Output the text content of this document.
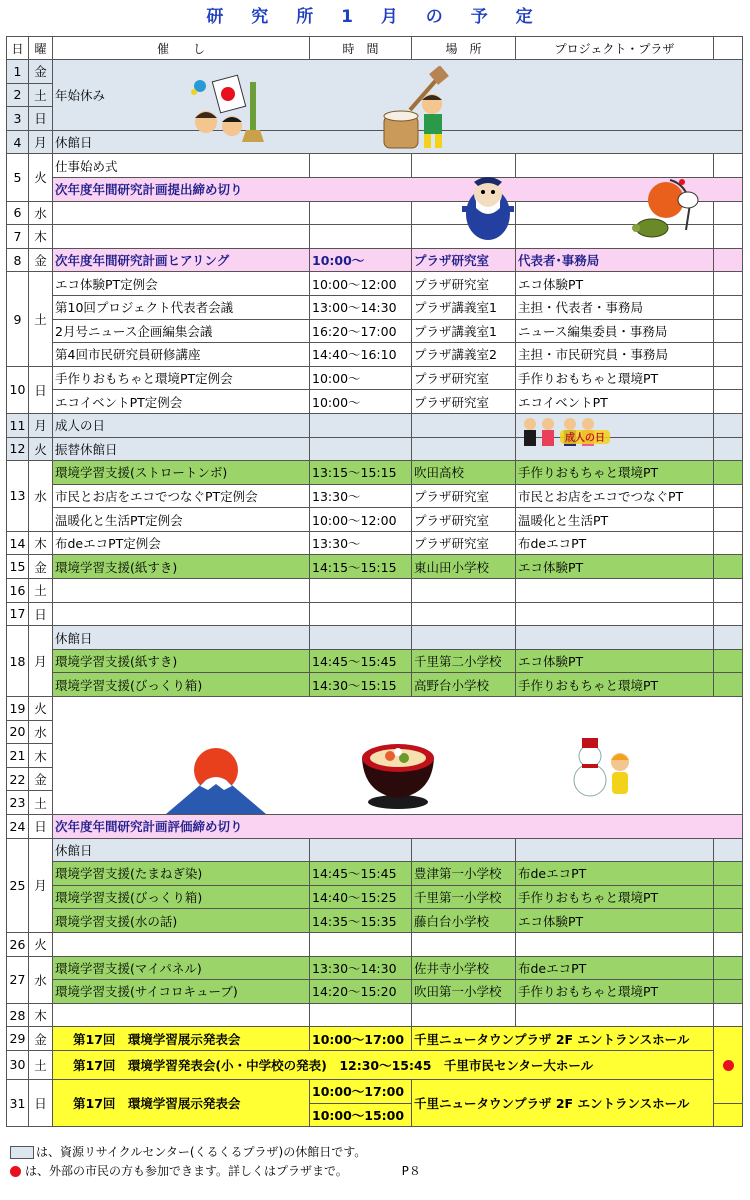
研 究 所 1 月 の 予 定
日	曜	催　　し	時　間	場　所	プロジェクト・プラザ	
1	金	年始休み				
2	土					
3	日					
4	月	休館日				
5	火	仕事始め式				
		次年度年間研究計画提出締め切り				
6	水					
7	木					
8	金	次年度年間研究計画ヒアリング	10:00～	プラザ研究室	代表者･事務局	
9	土	エコ体験PT定例会	10:00～12:00	プラザ研究室	エコ体験PT	
		第10回プロジェクト代表者会議	13:00～14:30	プラザ講義室1	主担・代表者・事務局	
		2月号ニュース企画編集会議	16:20～17:00	プラザ講義室1	ニュース編集委員・事務局	
		第4回市民研究員研修講座	14:40～16:10	プラザ講義室2	主担・市民研究員・事務局	
10	日	手作りおもちゃと環境PT定例会	10:00～	プラザ研究室	手作りおもちゃと環境PT	
		エコイベントPT定例会	10:00～	プラザ研究室	エコイベントPT	
11	月	成人の日				
12	火	振替休館日				
13	水	環境学習支援(ストロートンボ)	13:15～15:15	吹田高校	手作りおもちゃと環境PT	
		市民とお店をエコでつなぐPT定例会	13:30～	プラザ研究室	市民とお店をエコでつなぐPT	
		温暖化と生活PT定例会	10:00～12:00	プラザ研究室	温暖化と生活PT	
14	木	布deエコPT定例会	13:30～	プラザ研究室	布deエコPT	
15	金	環境学習支援(紙すき)	14:15～15:15	東山田小学校	エコ体験PT	
16	土					
17	日					
18	月	休館日				
		環境学習支援(紙すき)	14:45～15:45	千里第二小学校	エコ体験PT	
		環境学習支援(びっくり箱)	14:30～15:15	高野台小学校	手作りおもちゃと環境PT	
19	火					
20	水					
21	木					
22	金					
23	土					
24	日	次年度年間研究計画評価締め切り				
25	月	休館日				
		環境学習支援(たまねぎ染)	14:45～15:45	豊津第一小学校	布deエコPT	
		環境学習支援(びっくり箱)	14:40～15:25	千里第一小学校	手作りおもちゃと環境PT	
		環境学習支援(水の話)	14:35～15:35	藤白台小学校	エコ体験PT	
26	火					
27	水	環境学習支援(マイパネル)	13:30～14:30	佐井寺小学校	布deエコPT	
		環境学習支援(サイコロキューブ)	14:20～15:20	吹田第一小学校	手作りおもちゃと環境PT	
28	木					
29	金	第17回　環境学習展示発表会	10:00～17:00	千里ニュータウンプラザ 2F エントランスホール		
30	土	第17回　環境学習発表会(小・中学校の発表)　12:30～15:45　千里市民センター大ホール				
31	日	第17回　環境学習展示発表会	10:00～17:00	千里ニュータウンプラザ 2F エントランスホール		
			10:00～15:00			
成人の日
は、資源リサイクルセンター(くるくるプラザ)の休館日です。
は、外部の市民の方も参加できます。詳しくはプラザまで。	P８
